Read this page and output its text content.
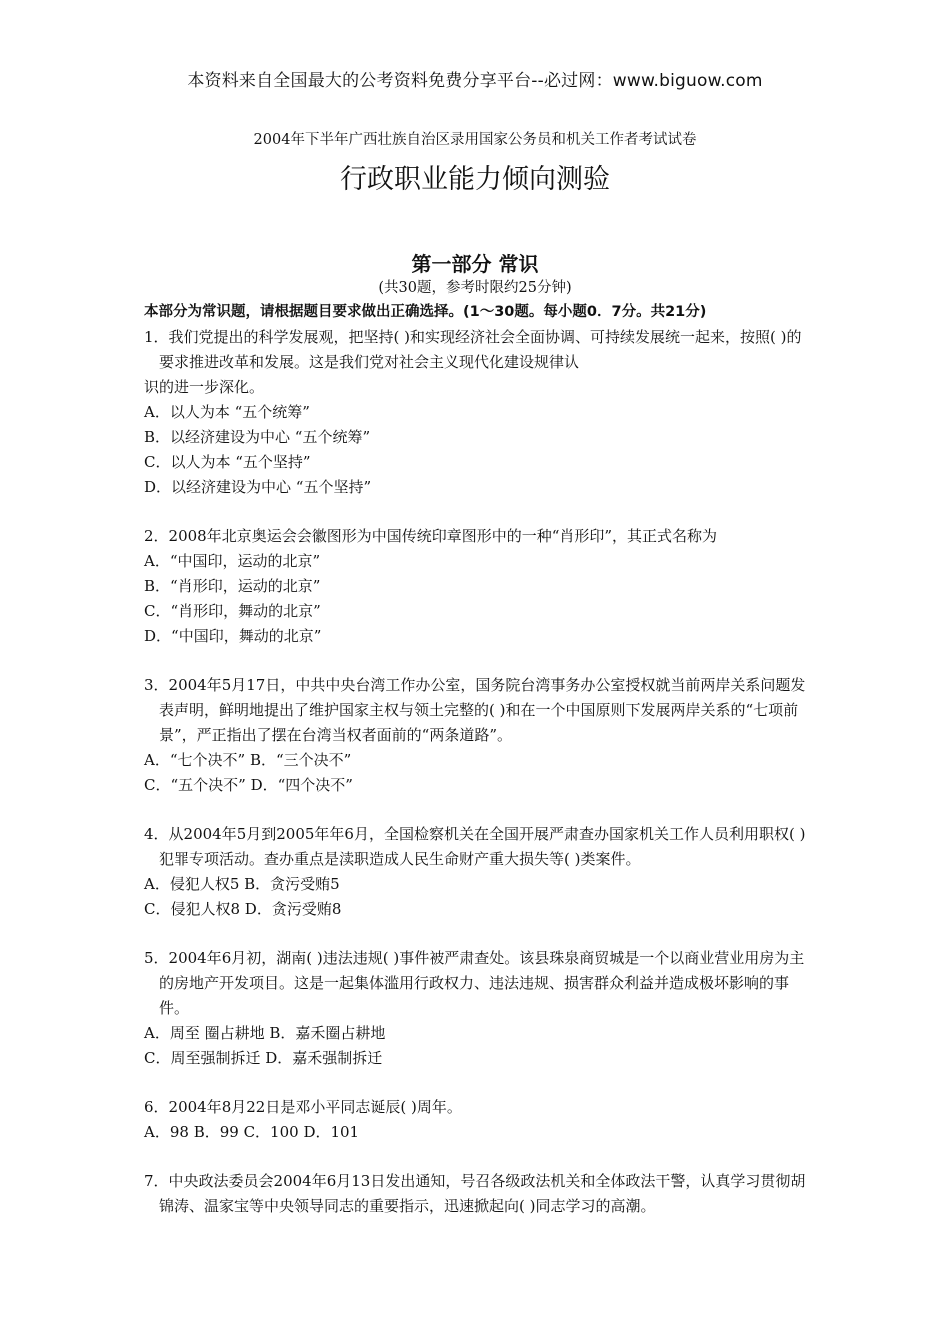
本资料来自全国最大的公考资料免费分享平台--必过网：www.biguow.com
2004年下半年广西壮族自治区录用国家公务员和机关工作者考试试卷
行政职业能力倾向测验
第一部分 常识
(共30题，参考时限约25分钟)
本部分为常识题，请根据题目要求做出正确选择。(1～30题。每小题0．7分。共21分)
1．我们党提出的科学发展观，把坚持( )和实现经济社会全面协调、可持续发展统一起来，按照( )的要求推进改革和发展。这是我们党对社会主义现代化建设规律认
识的进一步深化。
A．以人为本 “五个统筹”
B．以经济建设为中心 “五个统筹”
C．以人为本 “五个坚持”
D．以经济建设为中心 “五个坚持”
2．2008年北京奥运会会徽图形为中国传统印章图形中的一种“肖形印”，其正式名称为
A．“中国印，运动的北京”
B．“肖形印，运动的北京”
C．“肖形印，舞动的北京”
D．“中国印，舞动的北京”
3．2004年5月17日，中共中央台湾工作办公室，国务院台湾事务办公室授权就当前两岸关系问题发表声明，鲜明地提出了维护国家主权与领土完整的( )和在一个中国原则下发展两岸关系的“七项前景”，严正指出了摆在台湾当权者面前的“两条道路”。
A．“七个决不” B．“三个决不”
C．“五个决不” D．“四个决不”
4．从2004年5月到2005年年6月，全国检察机关在全国开展严肃查办国家机关工作人员利用职权( )犯罪专项活动。查办重点是渎职造成人民生命财产重大损失等( )类案件。
A．侵犯人权5 B．贪污受贿5
C．侵犯人权8 D．贪污受贿8
5．2004年6月初，湖南( )违法违规( )事件被严肃查处。该县珠泉商贸城是一个以商业营业用房为主的房地产开发项目。这是一起集体滥用行政权力、违法违规、损害群众利益并造成极坏影响的事件。
A．周至 圈占耕地 B．嘉禾圈占耕地
C．周至强制拆迁 D．嘉禾强制拆迁
6．2004年8月22日是邓小平同志诞辰( )周年。
A．98 B．99 C．100 D．101
7．中央政法委员会2004年6月13日发出通知，号召各级政法机关和全体政法干警，认真学习贯彻胡锦涛、温家宝等中央领导同志的重要指示，迅速掀起向( )同志学习的高潮。
